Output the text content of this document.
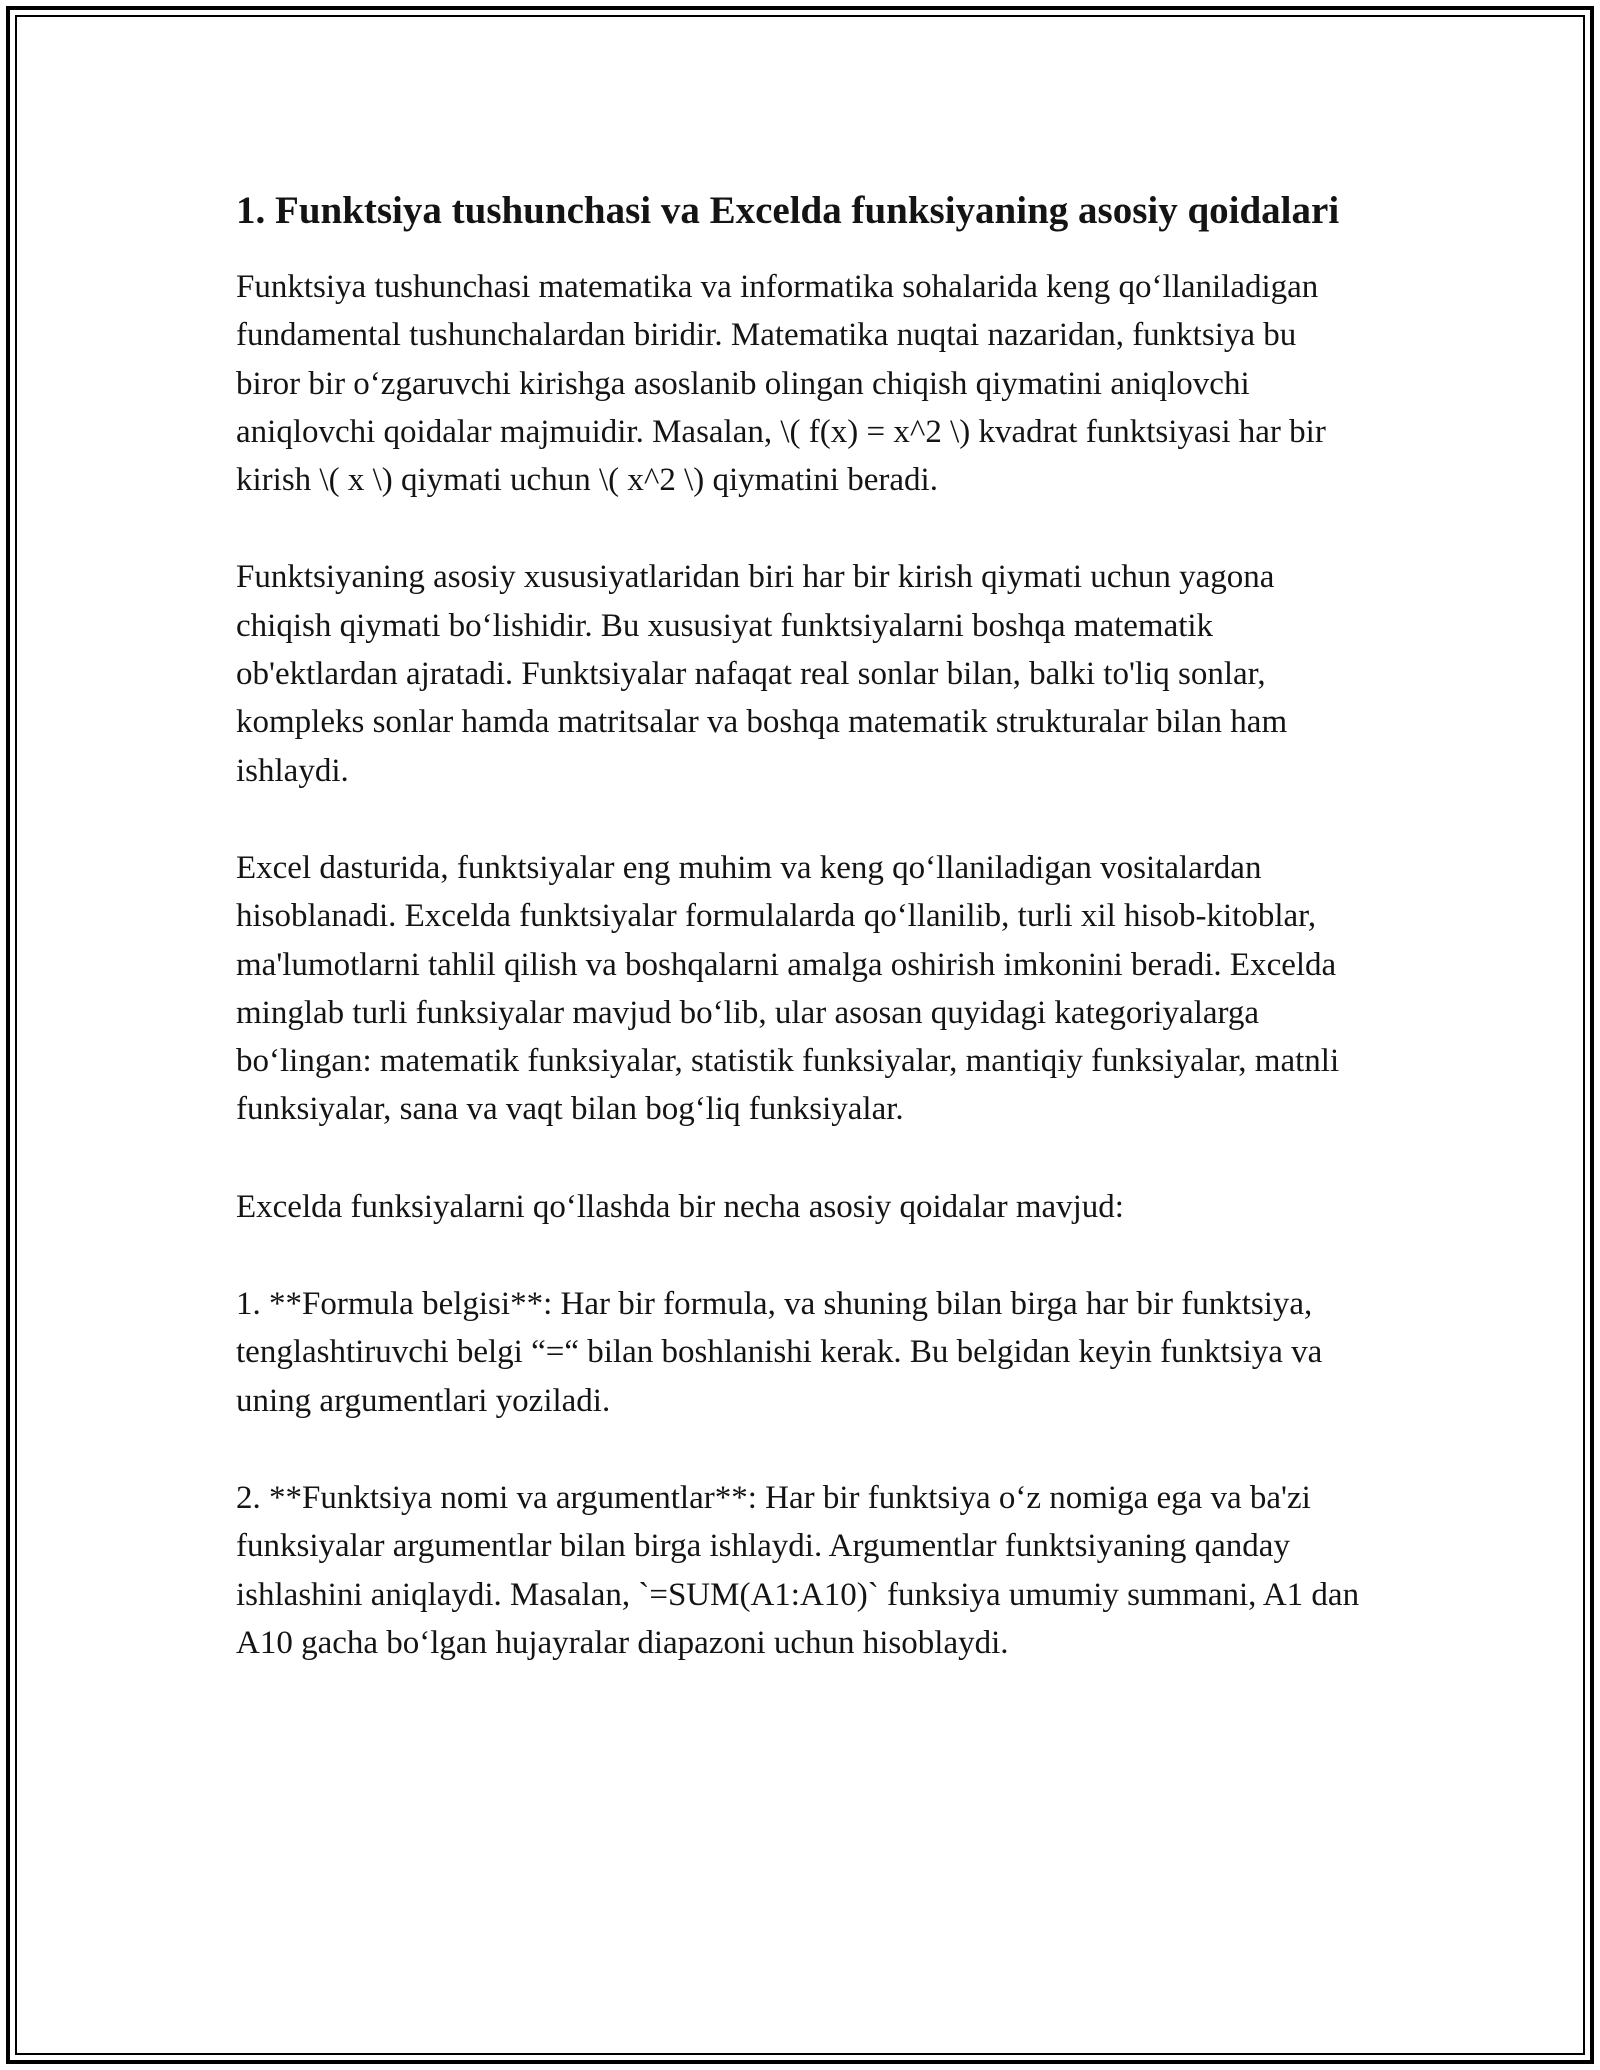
1. Funktsiya tushunchasi va Excelda funksiyaning asosiy qoidalari

Funktsiya tushunchasi matematika va informatika sohalarida keng qo‘llaniladigan fundamental tushunchalardan biridir. Matematika nuqtai nazaridan, funktsiya bu biror bir o‘zgaruvchi kirishga asoslanib olingan chiqish qiymatini aniqlovchi aniqlovchi qoidalar majmuidir. Masalan, \( f(x) = x^2 \) kvadrat funktsiyasi har bir kirish \( x \) qiymati uchun \( x^2 \) qiymatini beradi.

Funktsiyaning asosiy xususiyatlaridan biri har bir kirish qiymati uchun yagona chiqish qiymati bo‘lishidir. Bu xususiyat funktsiyalarni boshqa matematik ob'ektlardan ajratadi. Funktsiyalar nafaqat real sonlar bilan, balki to'liq sonlar, kompleks sonlar hamda matritsalar va boshqa matematik strukturalar bilan ham ishlaydi.

Excel dasturida, funktsiyalar eng muhim va keng qo‘llaniladigan vositalardan hisoblanadi. Excelda funktsiyalar formulalarda qo‘llanilib, turli xil hisob-kitoblar, ma'lumotlarni tahlil qilish va boshqalarni amalga oshirish imkonini beradi. Excelda minglab turli funksiyalar mavjud bo‘lib, ular asosan quyidagi kategoriyalarga bo‘lingan: matematik funksiyalar, statistik funksiyalar, mantiqiy funksiyalar, matnli funksiyalar, sana va vaqt bilan bog‘liq funksiyalar.

Excelda funksiyalarni qo‘llashda bir necha asosiy qoidalar mavjud:

1. **Formula belgisi**: Har bir formula, va shuning bilan birga har bir funktsiya, tenglashtiruvchi belgi “=“ bilan boshlanishi kerak. Bu belgidan keyin funktsiya va uning argumentlari yoziladi.

2. **Funktsiya nomi va argumentlar**: Har bir funktsiya o‘z nomiga ega va ba'zi funksiyalar argumentlar bilan birga ishlaydi. Argumentlar funktsiyaning qanday ishlashini aniqlaydi. Masalan, `=SUM(A1:A10)` funksiya umumiy summani, A1 dan A10 gacha bo‘lgan hujayralar diapazoni uchun hisoblaydi.
